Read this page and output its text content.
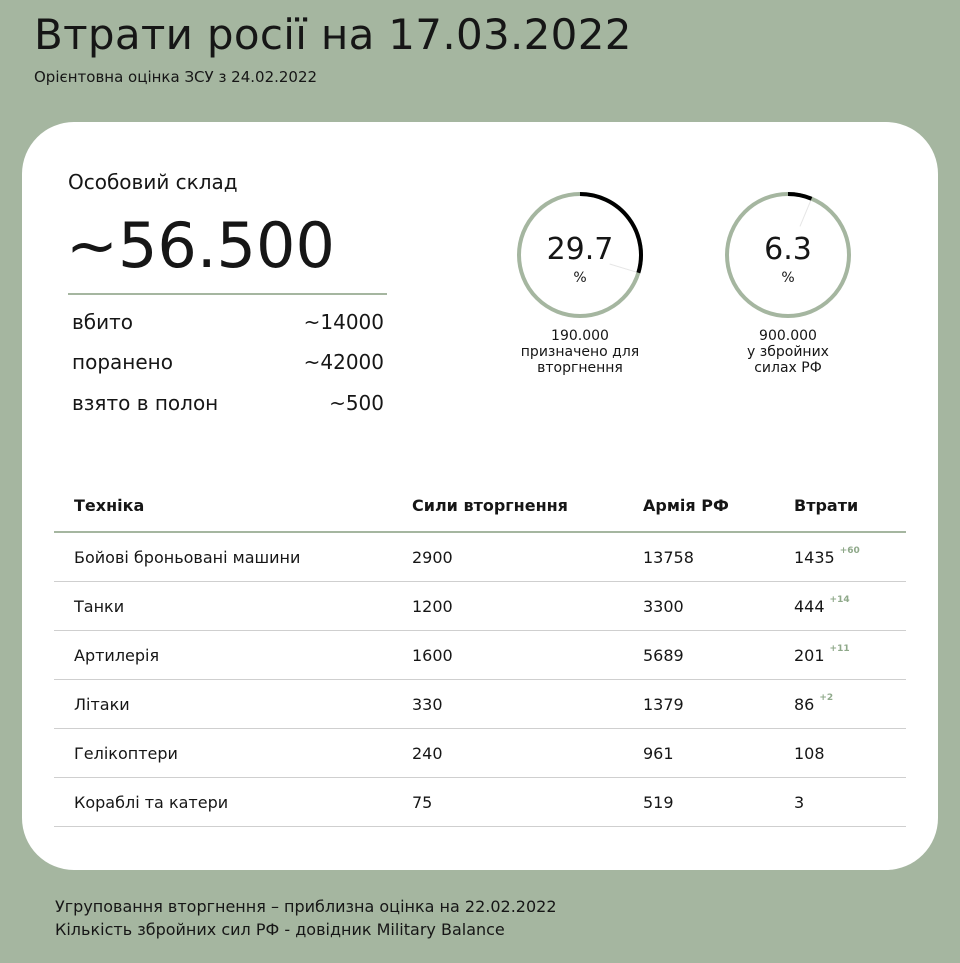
Втрати росії на 17.03.2022
Орієнтовна оцінка ЗСУ з 24.02.2022
Особовий склад
~56.500
вбито	~14000
поранено	~42000
взято в полон	~500
29.7
%
190.000
призначено для
вторгнення
6.3
%
900.000
у збройних
силах РФ
Техніка	Сили вторгнення	Армія РФ	Втрати
Бойові броньовані машини	2900	13758	1435 +60
Танки	1200	3300	444 +14
Артилерія	1600	5689	201 +11
Літаки	330	1379	86 +2
Гелікоптери	240	961	108
Кораблі та катери	75	519	3
Угруповання вторгнення – приблизна оцінка на 22.02.2022
Кількість збройних сил РФ - довідник Military Balance
